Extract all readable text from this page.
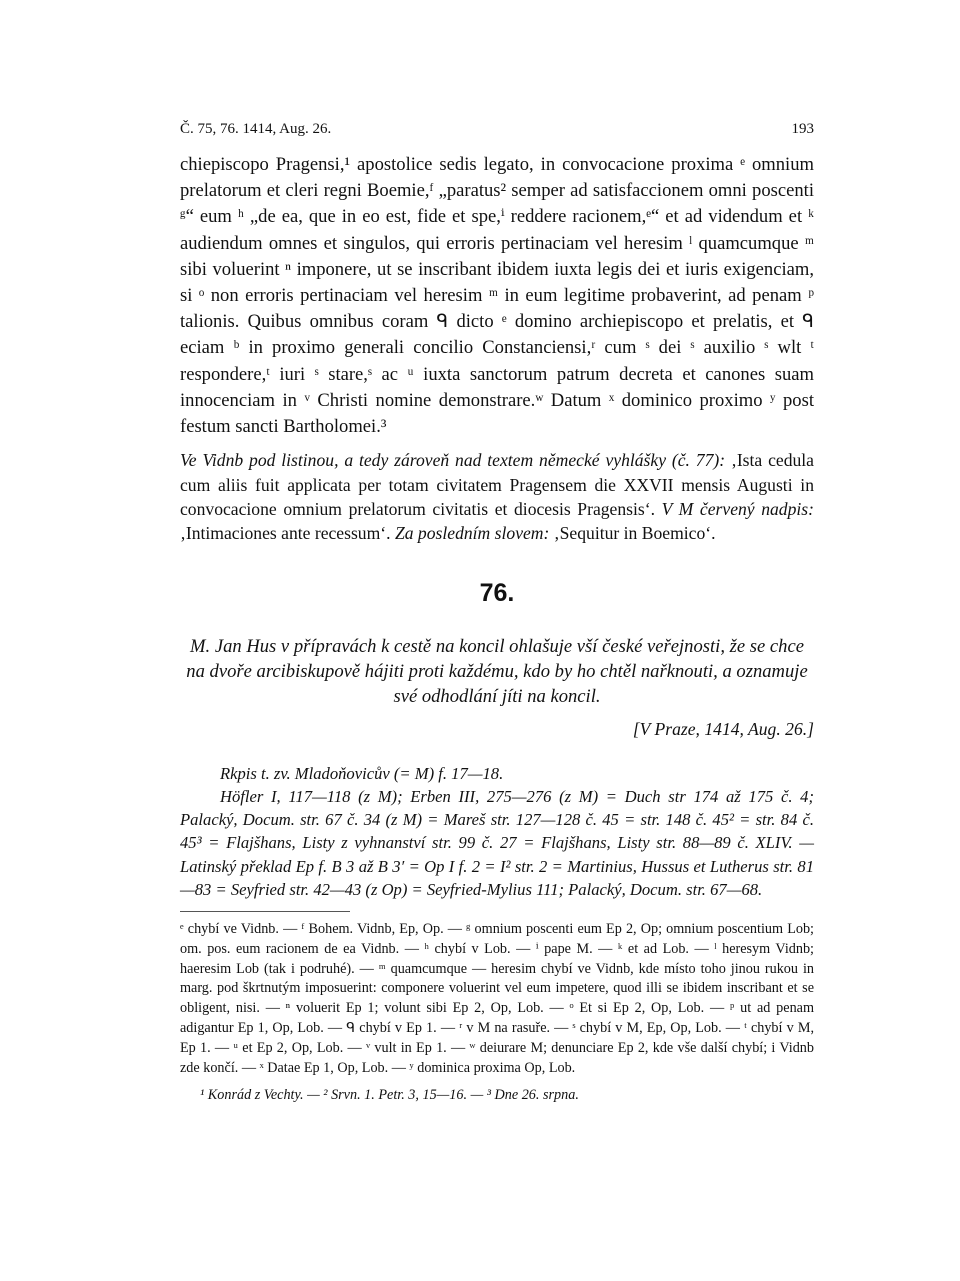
Č. 75, 76. 1414, Aug. 26.	193

chiepiscopo Pragensi,¹ apostolice sedis legato, in convocacione proxima ᵉ omnium prelatorum et cleri regni Boemie,ᶠ „paratus² semper ad satisfaccionem omni poscenti ᵍ“ eum ʰ „de ea, que in eo est, fide et spe,ⁱ reddere racionem,ᵉ“ et ad videndum et ᵏ audiendum omnes et singulos, qui erroris pertinaciam vel heresim ˡ quamcumque ᵐ sibi voluerint ⁿ imponere, ut se inscribant ibidem iuxta legis dei et iuris exigenciam, si ᵒ non erroris pertinaciam vel heresim ᵐ in eum legitime probaverint, ad penam ᵖ talionis. Quibus omnibus coram ᑫ dicto ᵉ domino archiepiscopo et prelatis, et ᑫ eciam ᵇ in proximo generali concilio Constanciensi,ʳ cum ˢ dei ˢ auxilio ˢ wlt ᵗ respondere,ᵗ iuri ˢ stare,ˢ ac ᵘ iuxta sanctorum patrum decreta et canones suam innocenciam in ᵛ Christi nomine demonstrare.ʷ Datum ˣ dominico proximo ʸ post festum sancti Bartholomei.³

Ve Vidnb pod listinou, a tedy zároveň nad textem německé vyhlášky (č. 77): ‚Ista cedula cum aliis fuit applicata per totam civitatem Pragensem die XXVII mensis Augusti in convocacione omnium prelatorum civitatis et diocesis Pragensis‘. V M červený nadpis: ‚Intimaciones ante recessum‘. Za posledním slovem: ‚Sequitur in Boemico‘.

76.

M. Jan Hus v přípravách k cestě na koncil ohlašuje vší české veřejnosti, že se chce na dvoře arcibiskupově hájiti proti každému, kdo by ho chtěl nařknouti, a oznamuje své odhodlání jíti na koncil.

[V Praze, 1414, Aug. 26.]

Rkpis t. zv. Mladoňovicův (= M) f. 17—18.

Höfler I, 117—118 (z M); Erben III, 275—276 (z M) = Duch str 174 až 175 č. 4; Palacký, Docum. str. 67 č. 34 (z M) = Mareš str. 127—128 č. 45 = str. 148 č. 45² = str. 84 č. 45³ = Flajšhans, Listy z vyhnanství str. 99 č. 27 = Flajšhans, Listy str. 88—89 č. XLIV. — Latinský překlad Ep f. B 3 až B 3′ = Op I f. 2 = I² str. 2 = Martinius, Hussus et Lutherus str. 81—83 = Seyfried str. 42—43 (z Op) = Seyfried-Mylius 111; Palacký, Docum. str. 67—68.

ᵉ chybí ve Vidnb. — ᶠ Bohem. Vidnb, Ep, Op. — ᵍ omnium poscenti eum Ep 2, Op; omnium poscentium Lob; om. pos. eum racionem de ea Vidnb. — ʰ chybí v Lob. — ⁱ pape M. — ᵏ et ad Lob. — ˡ heresym Vidnb; haeresim Lob (tak i podruhé). — ᵐ quamcumque — heresim chybí ve Vidnb, kde místo toho jinou rukou in marg. pod škrtnutým imposuerint: componere voluerint vel eum impetere, quod illi se ibidem inscribant et se obligent, nisi. — ⁿ voluerit Ep 1; volunt sibi Ep 2, Op, Lob. — ᵒ Et si Ep 2, Op, Lob. — ᵖ ut ad penam adigantur Ep 1, Op, Lob. — ᑫ chybí v Ep 1. — ʳ v M na rasuře. — ˢ chybí v M, Ep, Op, Lob. — ᵗ chybí v M, Ep 1. — ᵘ et Ep 2, Op, Lob. — ᵛ vult in Ep 1. — ʷ deiurare M; denunciare Ep 2, kde vše další chybí; i Vidnb zde končí. — ˣ Datae Ep 1, Op, Lob. — ʸ dominica proxima Op, Lob.

¹ Konrád z Vechty. — ² Srvn. 1. Petr. 3, 15—16. — ³ Dne 26. srpna.
